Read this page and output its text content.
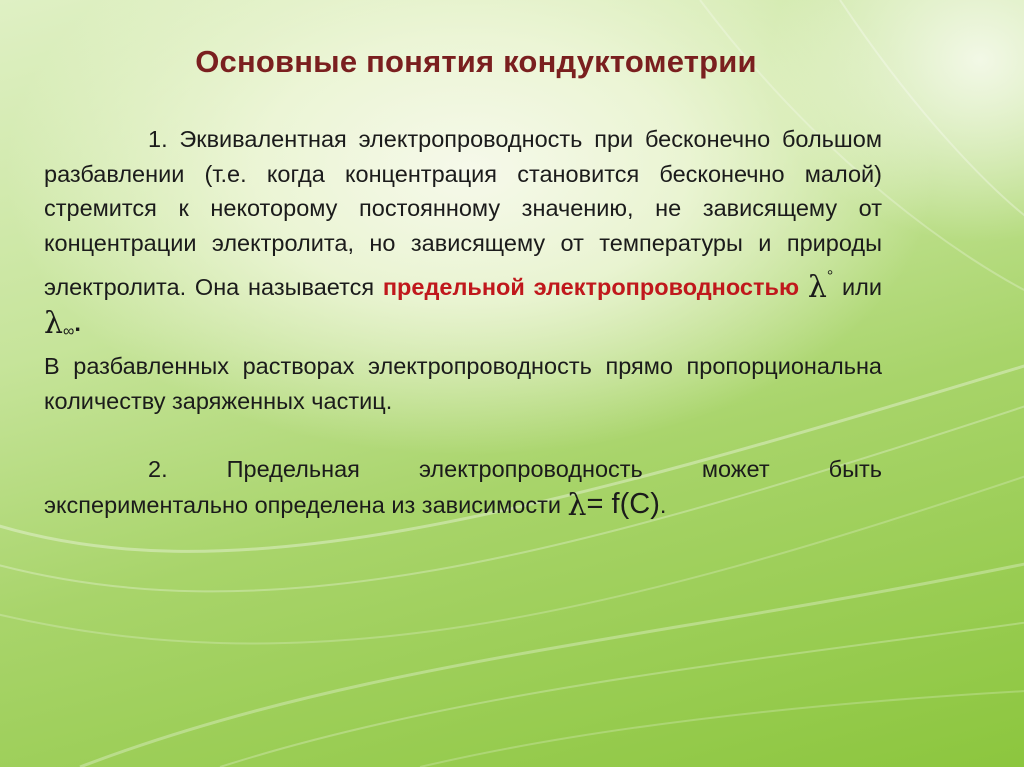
Основные понятия кондуктометрии

1. Эквивалентная электропроводность при бесконечно большом разбавлении (т.е. когда концентрация становится бесконечно малой) стремится к некоторому постоянному значению, не зависящему от концентрации электролита, но зависящему от температуры и природы электролита. Она называется предельной электропроводностью λ° или $\lambda_\infty$.
В разбавленных растворах электропроводность прямо пропорциональна количеству заряженных частиц.

2. Предельная электропроводность может быть экспериментально определена из зависимости λ= f(C).
